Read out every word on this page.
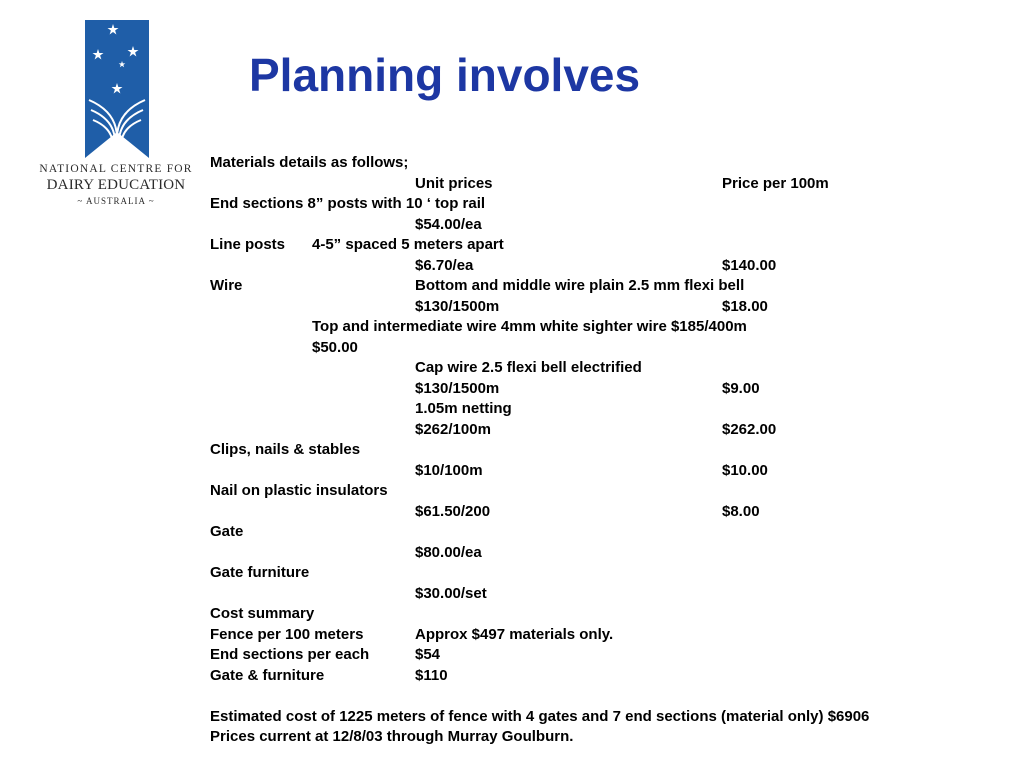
NATIONAL CENTRE FOR
DAIRY EDUCATION
~ AUSTRALIA ~
Planning involves
Materials details as follows;
Unit prices	Price per 100m
End sections 8” posts with 10 ‘ top rail
$54.00/ea
Line posts 4-5” spaced 5 meters apart
$6.70/ea	$140.00
Wire	Bottom and middle wire plain 2.5 mm flexi bell
$130/1500m	$18.00
Top and intermediate wire 4mm white sighter wire $185/400m
$50.00
Cap wire 2.5 flexi bell electrified
$130/1500m	$9.00
1.05m netting
$262/100m	$262.00
Clips, nails & stables
$10/100m	$10.00
Nail on plastic insulators
$61.50/200	$8.00
Gate
$80.00/ea
Gate furniture
$30.00/set
Cost summary
Fence per 100 meters	Approx $497 materials only.
End sections per each	$54
Gate & furniture	$110
Estimated cost of 1225 meters of fence with 4 gates and 7 end sections (material only) $6906
Prices current at 12/8/03 through Murray Goulburn.
